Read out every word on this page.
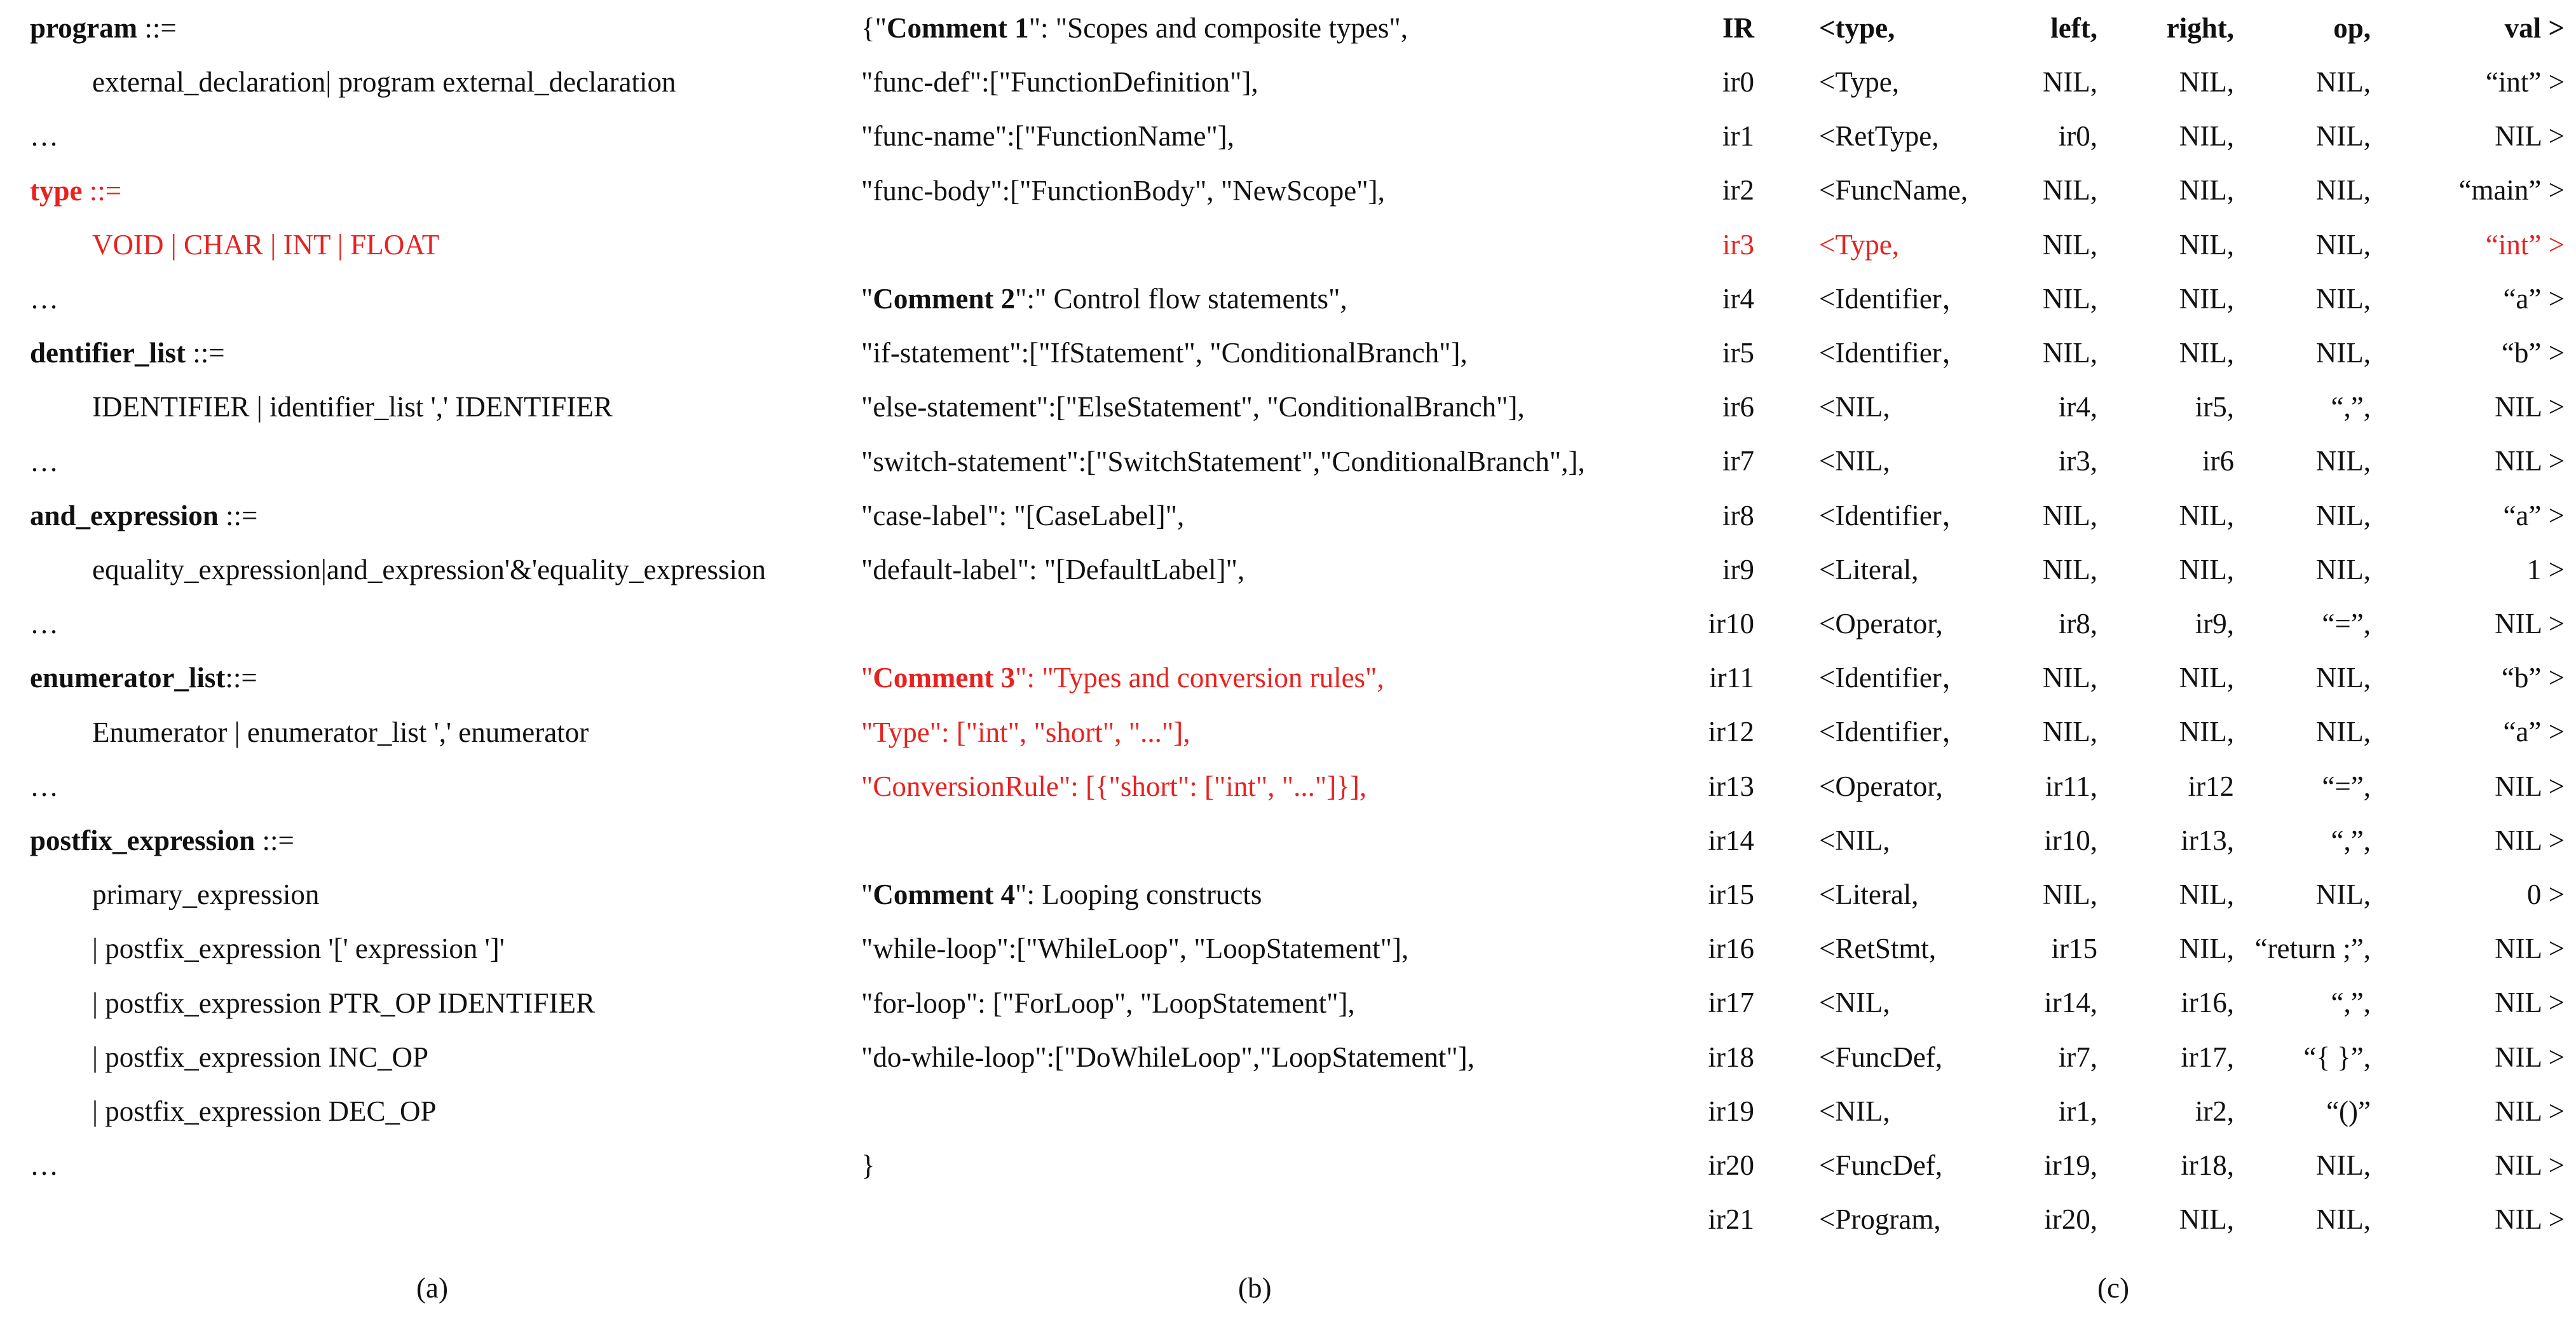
program ::=
external_declaration| program external_declaration
…
type ::=
VOID | CHAR | INT | FLOAT
…
dentifier_list ::=
IDENTIFIER | identifier_list ',' IDENTIFIER
…
and_expression ::=
equality_expression|and_expression'&'equality_expression
…
enumerator_list::=
Enumerator | enumerator_list ',' enumerator
…
postfix_expression ::=
primary_expression
| postfix_expression '[' expression ']'
| postfix_expression PTR_OP IDENTIFIER
| postfix_expression INC_OP
| postfix_expression DEC_OP
…
{"Comment 1": "Scopes and composite types",
"func-def":["FunctionDefinition"],
"func-name":["FunctionName"],
"func-body":["FunctionBody", "NewScope"],
"Comment 2":" Control flow statements",
"if-statement":["IfStatement", "ConditionalBranch"],
"else-statement":["ElseStatement", "ConditionalBranch"],
"switch-statement":["SwitchStatement","ConditionalBranch",],
"case-label": "[CaseLabel]",
"default-label": "[DefaultLabel]",
"Comment 3": "Types and conversion rules",
"Type": ["int", "short", "..."],
"ConversionRule": [{"short": ["int", "..."]}],
"Comment 4": Looping constructs
"while-loop":["WhileLoop", "LoopStatement"],
"for-loop": ["ForLoop", "LoopStatement"],
"do-while-loop":["DoWhileLoop","LoopStatement"],
}
IR <type,	left, right,	op,	val >
ir0 <Type,	NIL,	NIL,	NIL,	“int” >
ir1 <RetType,	ir0,	NIL,	NIL,	NIL >
ir2 <FuncName,	NIL,	NIL,	NIL,	“main” >
ir3 <Type,	NIL,	NIL,	NIL,	“int” >
ir4 <Identifier，	NIL,	NIL,	NIL,	“a” >
ir5 <Identifier，	NIL,	NIL,	NIL,	“b” >
ir6 <NIL,	ir4,	ir5,	“,”,	NIL >
ir7 <NIL,	ir3,	ir6	NIL,	NIL >
ir8 <Identifier，	NIL,	NIL,	NIL,	“a” >
ir9 <Literal,	NIL,	NIL,	NIL,	1 >
ir10 <Operator,	ir8,	ir9,	“=”,	NIL >
ir11 <Identifier，	NIL,	NIL,	NIL,	“b” >
ir12 <Identifier，	NIL,	NIL,	NIL,	“a” >
ir13 <Operator,	ir11,	ir12	“=”,	NIL >
ir14 <NIL,	ir10,	ir13,	“,”,	NIL >
ir15 <Literal,	NIL,	NIL,	NIL,	0 >
ir16 <RetStmt,	ir15	NIL, “return ;”,	NIL >
ir17 <NIL,	ir14,	ir16,	“,”,	NIL >
ir18 <FuncDef,	ir7,	ir17, “{ }”,	NIL >
ir19 <NIL,	ir1,	ir2,	“()”	NIL >
ir20 <FuncDef,	ir19,	ir18,	NIL,	NIL >
ir21 <Program,	ir20,	NIL,	NIL,	NIL >
(a)	(b)	(c)
